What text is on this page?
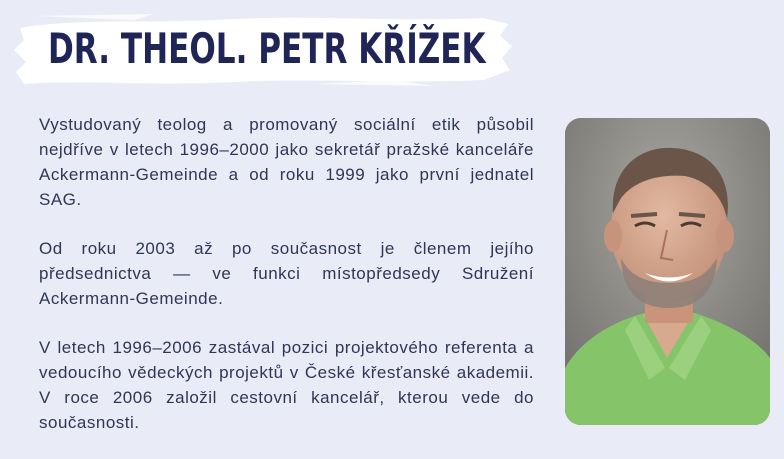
DR. THEOL. PETR KŘÍŽEK

Vystudovaný teolog a promovaný sociální etik působil nejdříve v letech 1996–2000 jako sekretář pražské kanceláře Ackermann-Gemeinde a od roku 1999 jako první jednatel SAG.

Od roku 2003 až po současnost je členem jejího předsednictva — ve funkci místopředsedy Sdružení Ackermann-Gemeinde.

V letech 1996–2006 zastával pozici projektového referenta a vedoucího vědeckých projektů v České křesťanské akademii. V roce 2006 založil cestovní kancelář, kterou vede do současnosti.
